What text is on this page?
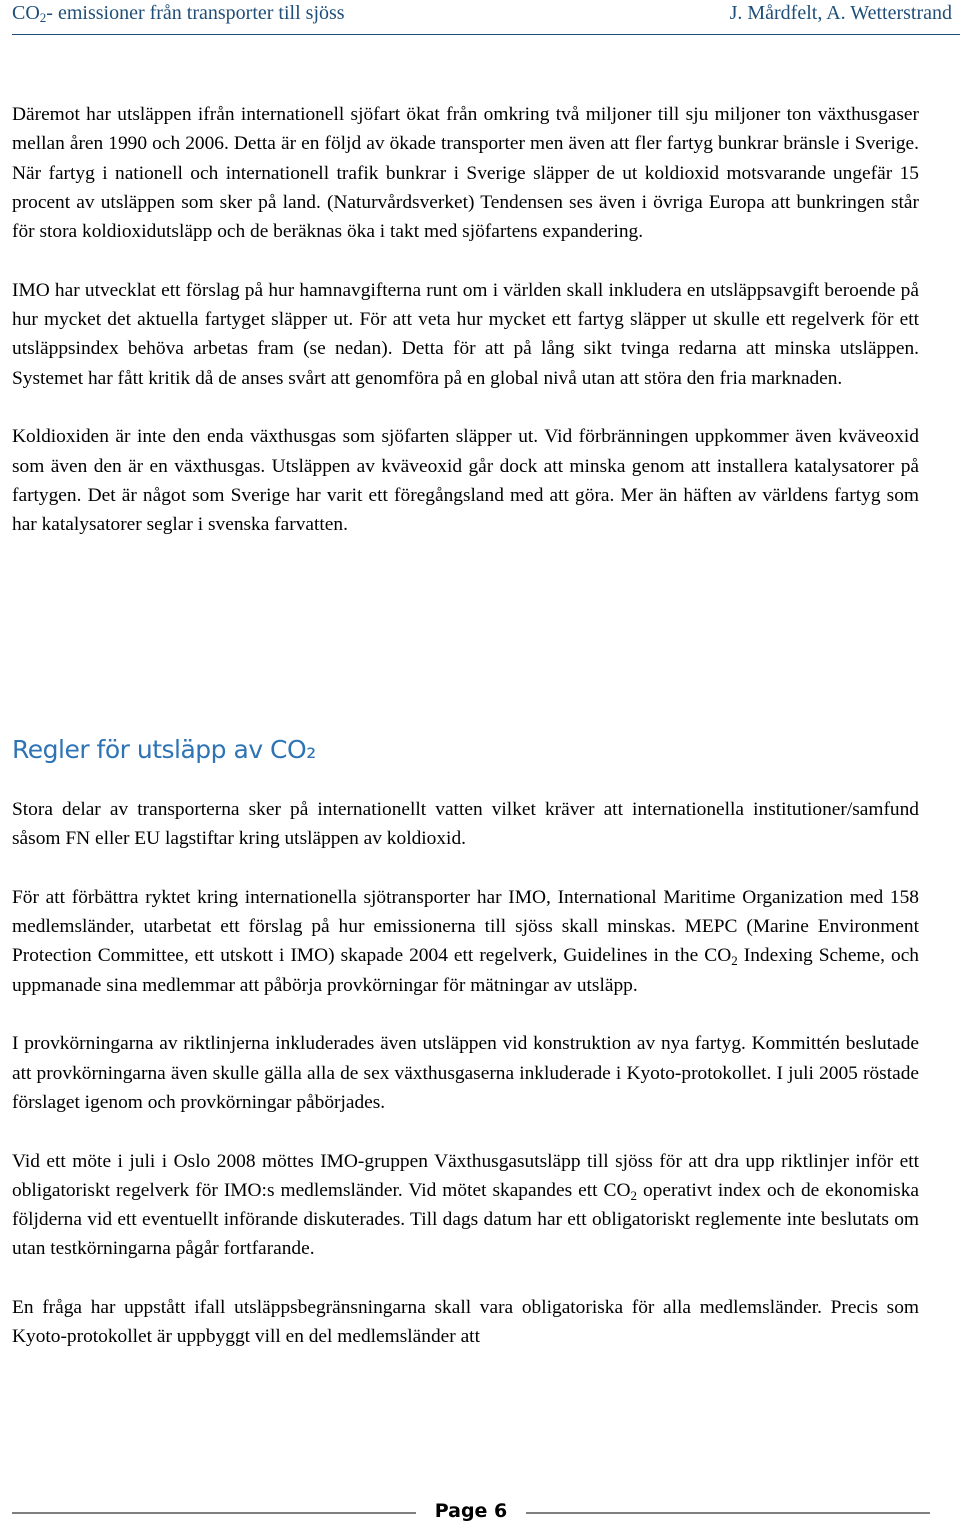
$CO_2-$ emissioner från transporter till sjöss	J. Mårdfelt, A. Wetterstrand

Däremot har utsläppen ifrån internationell sjöfart ökat från omkring två miljoner till sju miljoner ton växthusgaser mellan åren 1990 och 2006. Detta är en följd av ökade transporter men även att fler fartyg bunkrar bränsle i Sverige. När fartyg i nationell och internationell trafik bunkrar i Sverige släpper de ut koldioxid motsvarande ungefär 15 procent av utsläppen som sker på land. (Naturvårdsverket) Tendensen ses även i övriga Europa att bunkringen står för stora koldioxidutsläpp och de beräknas öka i takt med sjöfartens expandering.

IMO har utvecklat ett förslag på hur hamnavgifterna runt om i världen skall inkludera en utsläppsavgift beroende på hur mycket det aktuella fartyget släpper ut. För att veta hur mycket ett fartyg släpper ut skulle ett regelverk för ett utsläppsindex behöva arbetas fram (se nedan). Detta för att på lång sikt tvinga redarna att minska utsläppen. Systemet har fått kritik då de anses svårt att genomföra på en global nivå utan att störa den fria marknaden.

Koldioxiden är inte den enda växthusgas som sjöfarten släpper ut. Vid förbränningen uppkommer även kväveoxid som även den är en växthusgas. Utsläppen av kväveoxid går dock att minska genom att installera katalysatorer på fartygen. Det är något som Sverige har varit ett föregångsland med att göra. Mer än häften av världens fartyg som har katalysatorer seglar i svenska farvatten.

Regler för utsläpp av CO₂

Stora delar av transporterna sker på internationellt vatten vilket kräver att internationella institutioner/samfund såsom FN eller EU lagstiftar kring utsläppen av koldioxid.

För att förbättra ryktet kring internationella sjötransporter har IMO, International Maritime Organization med 158 medlemsländer, utarbetat ett förslag på hur emissionerna till sjöss skall minskas. MEPC (Marine Environment Protection Committee, ett utskott i IMO) skapade 2004 ett regelverk, Guidelines in the $CO_2$ Indexing Scheme, och uppmanade sina medlemmar att påbörja provkörningar för mätningar av utsläpp.

I provkörningarna av riktlinjerna inkluderades även utsläppen vid konstruktion av nya fartyg. Kommittén beslutade att provkörningarna även skulle gälla alla de sex växthusgaserna inkluderade i Kyoto-protokollet. I juli 2005 röstade förslaget igenom och provkörningar påbörjades.

Vid ett möte i juli i Oslo 2008 möttes IMO-gruppen Växthusgasutsläpp till sjöss för att dra upp riktlinjer inför ett obligatoriskt regelverk för IMO:s medlemsländer. Vid mötet skapandes ett $CO_2$ operativt index och de ekonomiska följderna vid ett eventuellt införande diskuterades. Till dags datum har ett obligatoriskt reglemente inte beslutats om utan testkörningarna pågår fortfarande.

En fråga har uppstått ifall utsläppsbegränsningarna skall vara obligatoriska för alla medlemsländer. Precis som Kyoto-protokollet är uppbyggt vill en del medlemsländer att

Page 6
